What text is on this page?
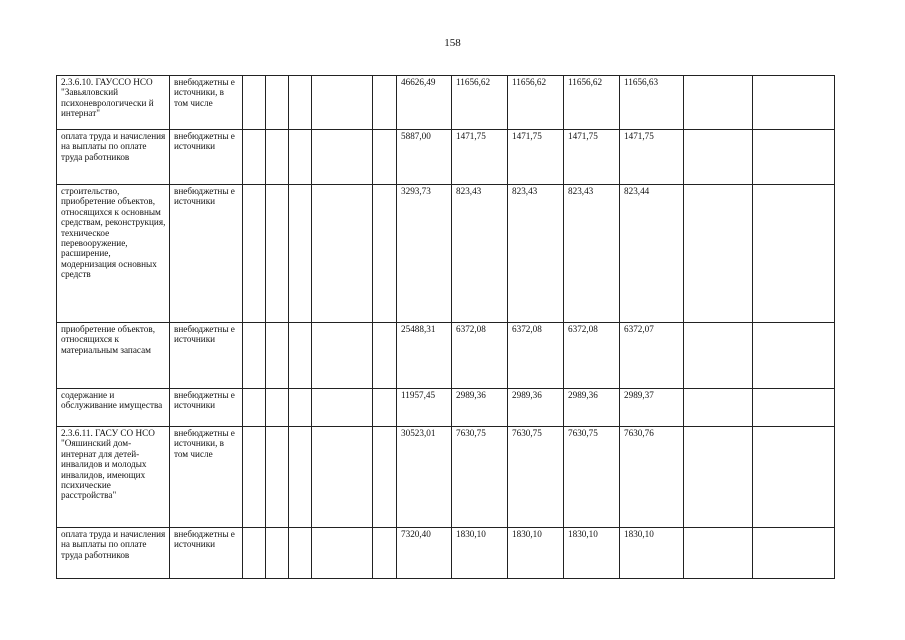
158
2.3.6.10. ГАУССО НСО "Завьяловский психоневрологически й интернат"	внебюджетны е источники, в том числе						46626,49	11656,62	11656,62	11656,62	11656,63		
оплата труда и начисления на выплаты по оплате труда работников	внебюджетны е источники						5887,00	1471,75	1471,75	1471,75	1471,75		
строительство, приобретение объектов, относящихся к основным средствам, реконструкция, техническое перевооружение, расширение, модернизация основных средств	внебюджетны е источники						3293,73	823,43	823,43	823,43	823,44		
приобретение объектов, относящихся к материальным запасам	внебюджетны е источники						25488,31	6372,08	6372,08	6372,08	6372,07		
содержание и обслуживание имущества	внебюджетны е источники						11957,45	2989,36	2989,36	2989,36	2989,37		
2.3.6.11. ГАСУ СО НСО "Ояшинский дом-интернат для детей-инвалидов и молодых инвалидов, имеющих психические расстройства"	внебюджетны е источники, в том числе						30523,01	7630,75	7630,75	7630,75	7630,76		
оплата труда и начисления на выплаты по оплате труда работников	внебюджетны е источники						7320,40	1830,10	1830,10	1830,10	1830,10		
